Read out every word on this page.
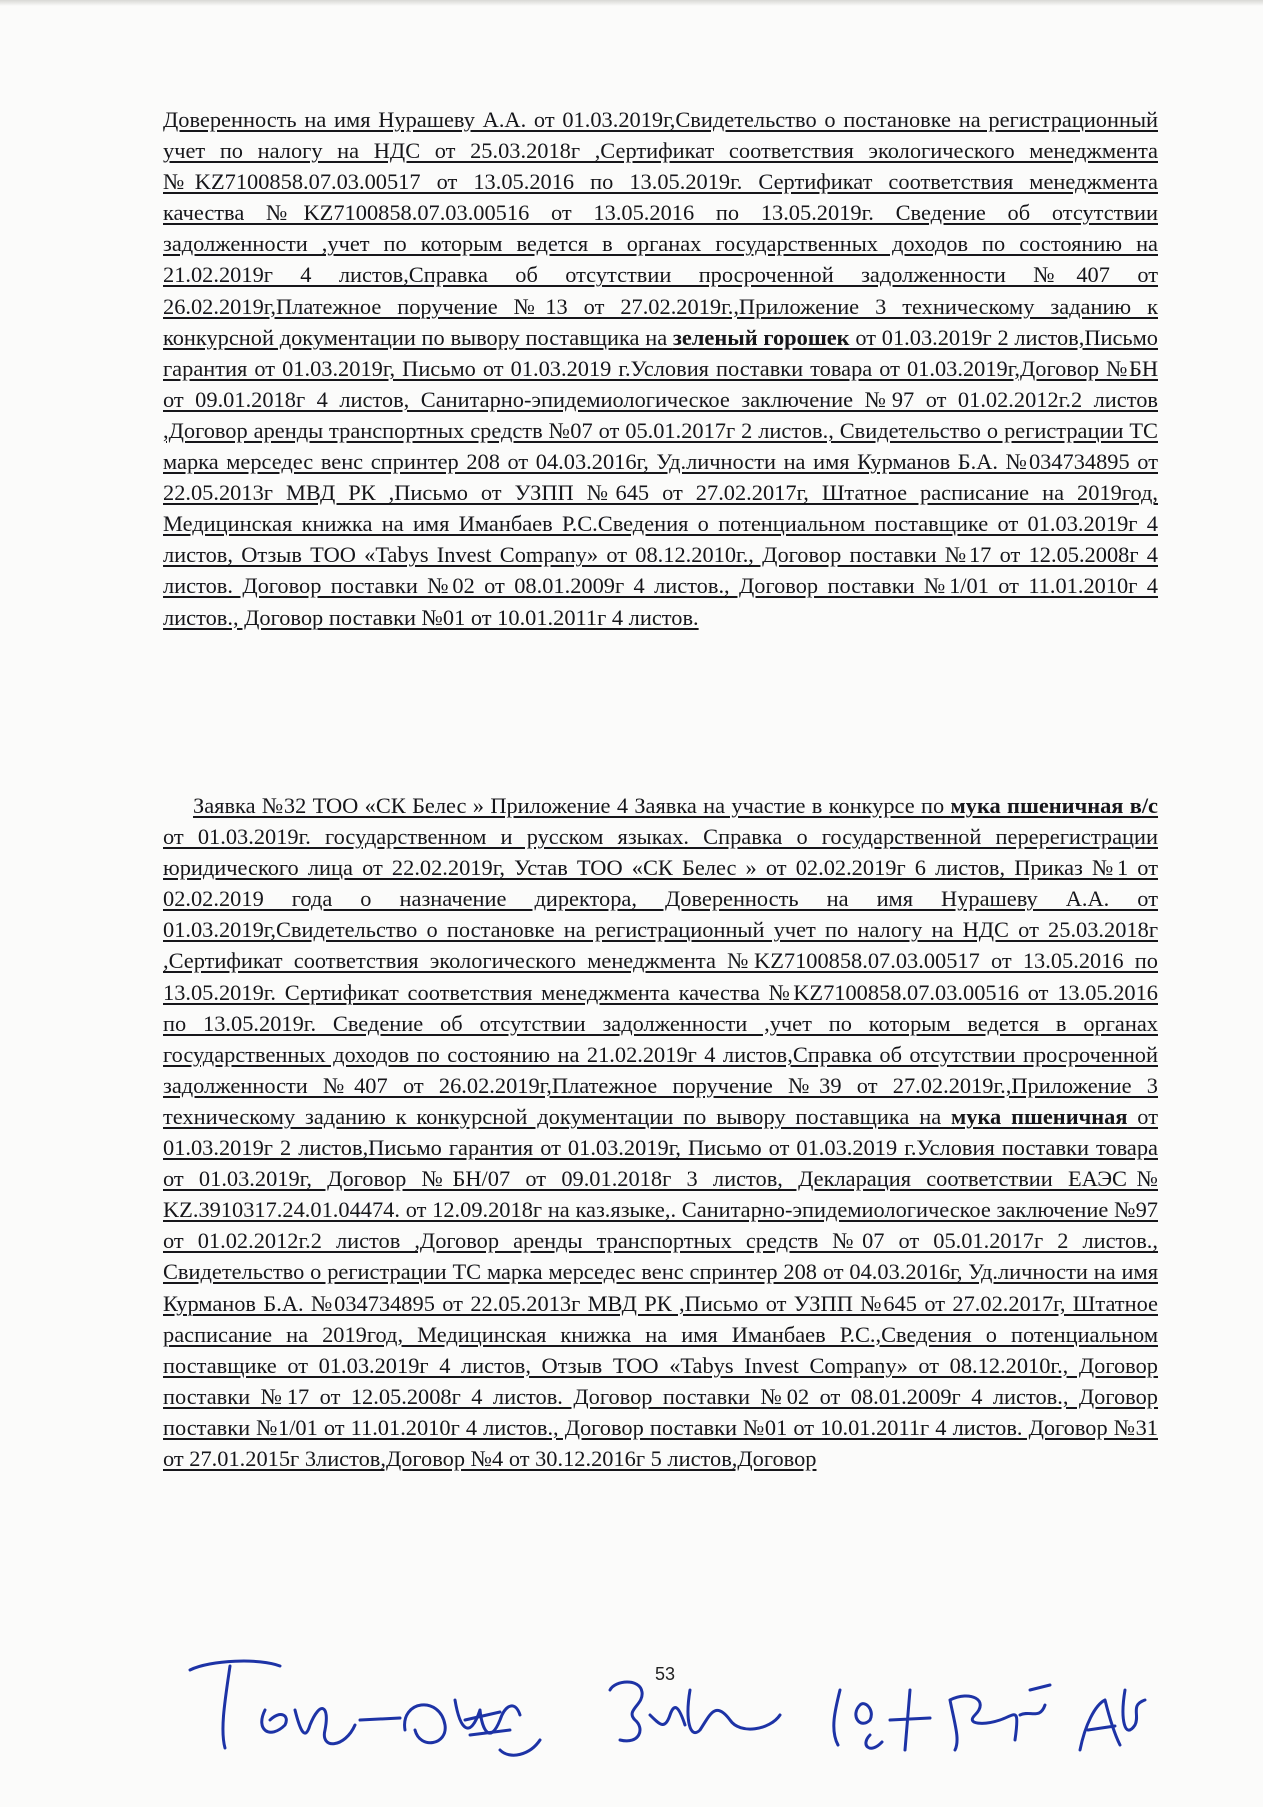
Доверенность на имя Нурашеву А.А. от 01.03.2019г,Свидетельство о постановке на регистрационный учет по налогу на НДС от 25.03.2018г ,Сертификат соответствия экологического менеджмента №KZ7100858.07.03.00517 от 13.05.2016 по 13.05.2019г. Сертификат соответствия менеджмента качества №KZ7100858.07.03.00516 от 13.05.2016 по 13.05.2019г. Сведение об отсутствии задолженности ,учет по которым ведется в органах государственных доходов по состоянию на 21.02.2019г 4 листов,Справка об отсутствии просроченной задолженности №407 от 26.02.2019г,Платежное поручение №13 от 27.02.2019г.,Приложение 3 техническому заданию к конкурсной документации по вывору поставщика на зеленый горошек от 01.03.2019г 2 листов,Письмо гарантия от 01.03.2019г, Письмо от 01.03.2019 г.Условия поставки товара от 01.03.2019г,Договор №БН от 09.01.2018г 4 листов, Санитарно-эпидемиологическое заключение №97 от 01.02.2012г.2 листов ,Договор аренды транспортных средств №07 от 05.01.2017г 2 листов., Свидетельство о регистрации ТС марка мерседес венс спринтер 208 от 04.03.2016г, Уд.личности на имя Курманов Б.А. №034734895 от 22.05.2013г МВД РК ,Письмо от УЗПП №645 от 27.02.2017г, Штатное расписание на 2019год, Медицинская книжка на имя Иманбаев Р.С.Сведения о потенциальном поставщике от 01.03.2019г 4 листов, Отзыв ТОО «Tabys Invest Company» от 08.12.2010г., Договор поставки №17 от 12.05.2008г 4 листов. Договор поставки №02 от 08.01.2009г 4 листов., Договор поставки №1/01 от 11.01.2010г 4 листов., Договор поставки №01 от 10.01.2011г 4 листов.
Заявка №32 ТОО «СК Белес » Приложение 4 Заявка на участие в конкурсе по мука пшеничная в/с от 01.03.2019г. государственном и русском языках. Справка о государственной перерегистрации юридического лица от 22.02.2019г, Устав ТОО «СК Белес » от 02.02.2019г 6 листов, Приказ №1 от 02.02.2019 года о назначение директора, Доверенность на имя Нурашеву А.А. от 01.03.2019г,Свидетельство о постановке на регистрационный учет по налогу на НДС от 25.03.2018г ,Сертификат соответствия экологического менеджмента №KZ7100858.07.03.00517 от 13.05.2016 по 13.05.2019г. Сертификат соответствия менеджмента качества №KZ7100858.07.03.00516 от 13.05.2016 по 13.05.2019г. Сведение об отсутствии задолженности ,учет по которым ведется в органах государственных доходов по состоянию на 21.02.2019г 4 листов,Справка об отсутствии просроченной задолженности №407 от 26.02.2019г,Платежное поручение №39 от 27.02.2019г.,Приложение 3 техническому заданию к конкурсной документации по вывору поставщика на мука пшеничная от 01.03.2019г 2 листов,Письмо гарантия от 01.03.2019г, Письмо от 01.03.2019 г.Условия поставки товара от 01.03.2019г, Договор №БН/07 от 09.01.2018г 3 листов, Декларация соответствии ЕАЭС№ KZ.3910317.24.01.04474. от 12.09.2018г на каз.языке,. Санитарно-эпидемиологическое заключение №97 от 01.02.2012г.2 листов ,Договор аренды транспортных средств №07 от 05.01.2017г 2 листов., Свидетельство о регистрации ТС марка мерседес венс спринтер 208 от 04.03.2016г, Уд.личности на имя Курманов Б.А. №034734895 от 22.05.2013г МВД РК ,Письмо от УЗПП №645 от 27.02.2017г, Штатное расписание на 2019год, Медицинская книжка на имя Иманбаев Р.С.,Сведения о потенциальном поставщике от 01.03.2019г 4 листов, Отзыв ТОО «Tabys Invest Company» от 08.12.2010г., Договор поставки №17 от 12.05.2008г 4 листов. Договор поставки №02 от 08.01.2009г 4 листов., Договор поставки №1/01 от 11.01.2010г 4 листов., Договор поставки №01 от 10.01.2011г 4 листов. Договор №31 от 27.01.2015г 3листов,Договор №4 от 30.12.2016г 5 листов,Договор
53
